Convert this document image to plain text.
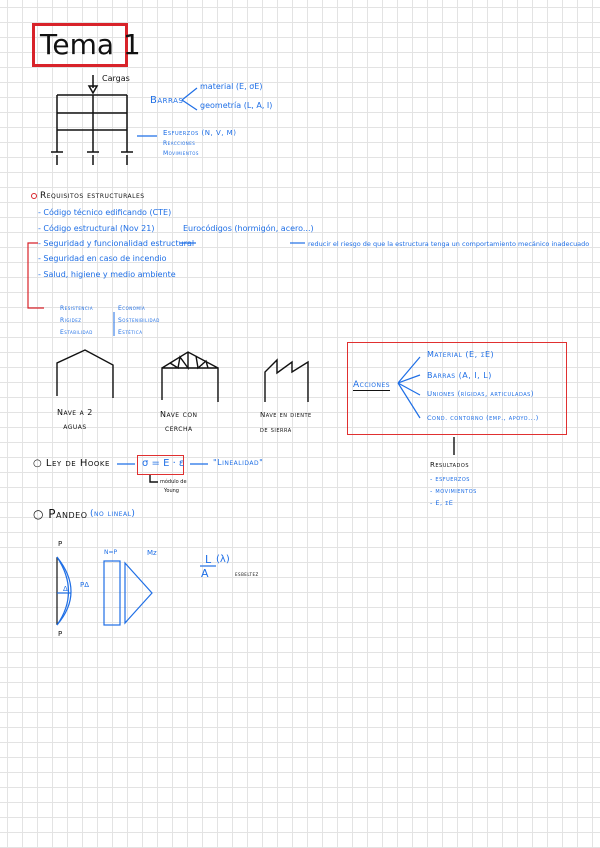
Tema 1
Cargas
Barras
material (E, σE)
geometría (L, A, I)
Esfuerzos (N, V, M)
Reacciones
Movimientos
Requisitos estructurales
- Código técnico edificando (CTE)
- Código estructural (Nov 21)	Eurocódigos (hormigón, acero...)
- Seguridad y funcionalidad estructural	reducir el riesgo de que la estructura tenga un comportamiento mecánico inadecuado
- Seguridad en caso de incendio
- Salud, higiene y medio ambiente
Resistencia
Rigidez
Estabilidad
Economía
Sostenibilidad
Estética
Nave a 2
aguas
Nave con
cercha
Nave en diente
de sierra
Acciones
Material (E, σE)
Barras (A, I, L)
Uniones (rígidas, articuladas)
Cond. contorno (emp., apoyo...)
Resultados
- esfuerzos
- movimientos
- E, σE
○ Ley de Hooke	σ = E · ε
módulo de
Young
"Linealidad"
○ Pandeo (no lineal)
P
P
Δ PΔ
N=P	Mz	L
A
(λ)
esbeltez
